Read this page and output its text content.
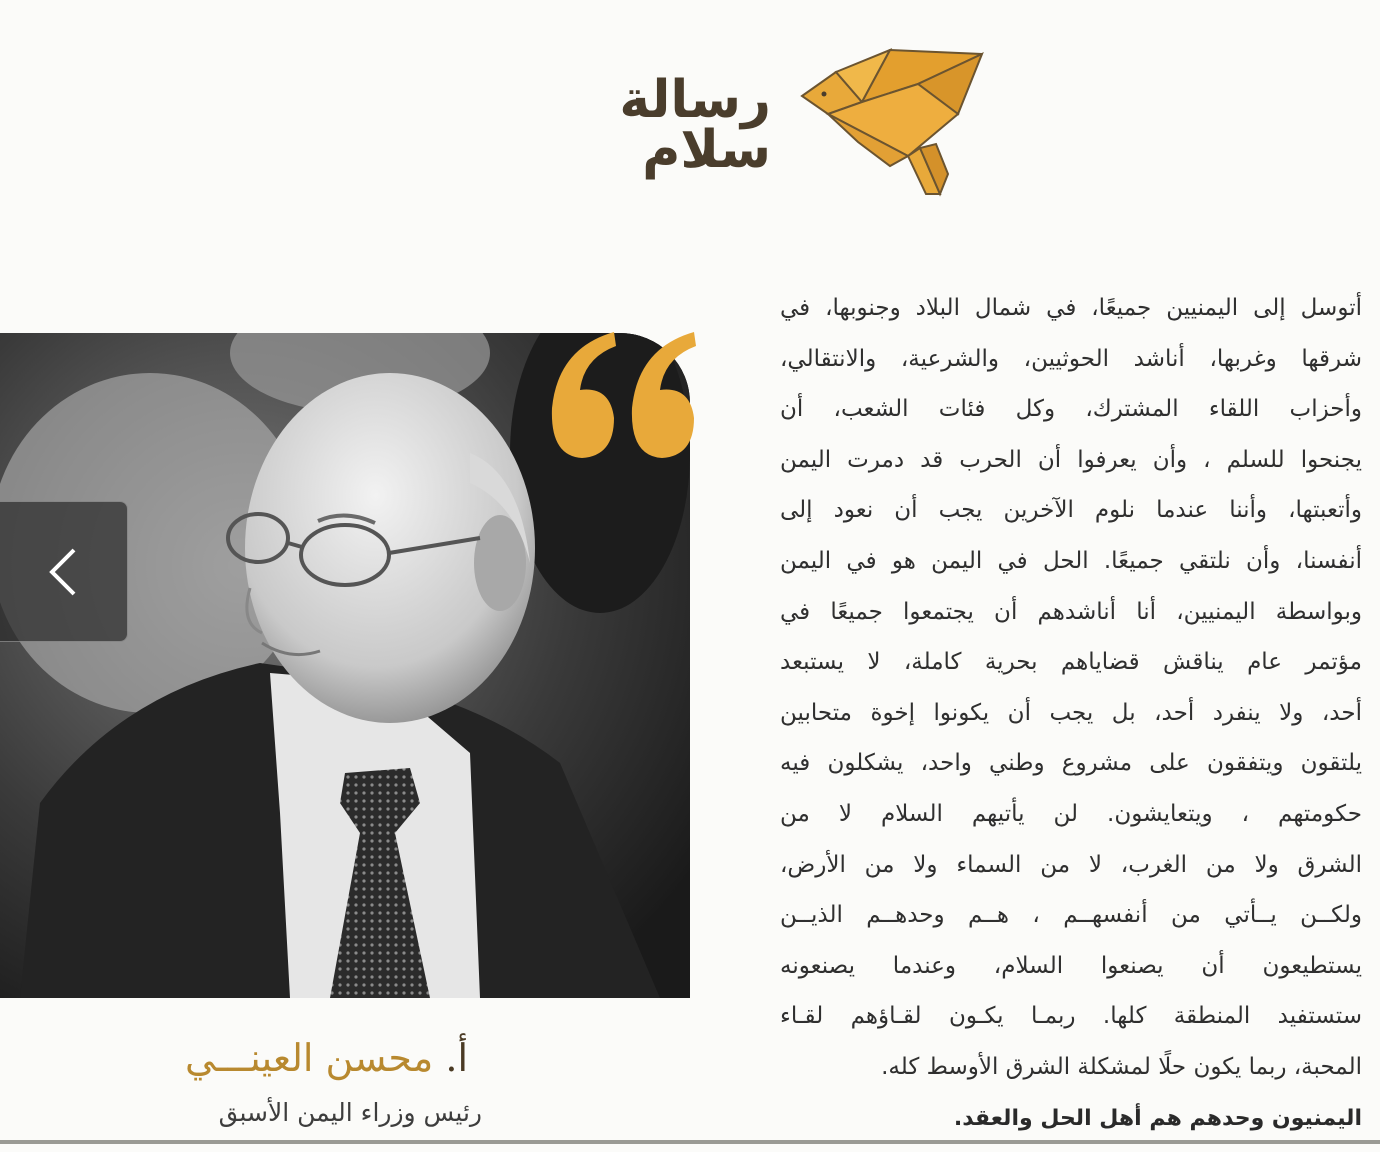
رسالة
سلام
أ. محسن العينـــي
رئيس وزراء اليمن الأسبق
أتوسل إلى اليمنيين جميعًا، في شمال البلاد وجنوبها، في
شرقها وغربها، أناشد الحوثيين، والشرعية، والانتقالي،
وأحزاب اللقاء المشترك، وكل فئات الشعب، أن
يجنحوا للسلم ، وأن يعرفوا أن الحرب قد دمرت اليمن
وأتعبتها، وأننا عندما نلوم الآخرين يجب أن نعود إلى
أنفسنا، وأن نلتقي جميعًا. الحل في اليمن هو في اليمن
وبواسطة اليمنيين، أنا أناشدهم أن يجتمعوا جميعًا في
مؤتمر عام يناقش قضاياهم بحرية كاملة، لا يستبعد
أحد، ولا ينفرد أحد، بل يجب أن يكونوا إخوة متحابين
يلتقون ويتفقون على مشروع وطني واحد، يشكلون فيه
حكومتهم ، ويتعايشون. لن يأتيهم السلام لا من
الشرق ولا من الغرب، لا من السماء ولا من الأرض،
ولكــن يــأتي من أنفسهــم ، هــم وحدهــم الذيــن
يستطيعون أن يصنعوا السلام، وعندما يصنعونه
ستستفيد المنطقة كلها. ربمـا يكـون لقـاؤهم لقـاء
المحبة، ربما يكون حلًا لمشكلة الشرق الأوسط كله.
اليمنيون وحدهم هم أهل الحل والعقد.
